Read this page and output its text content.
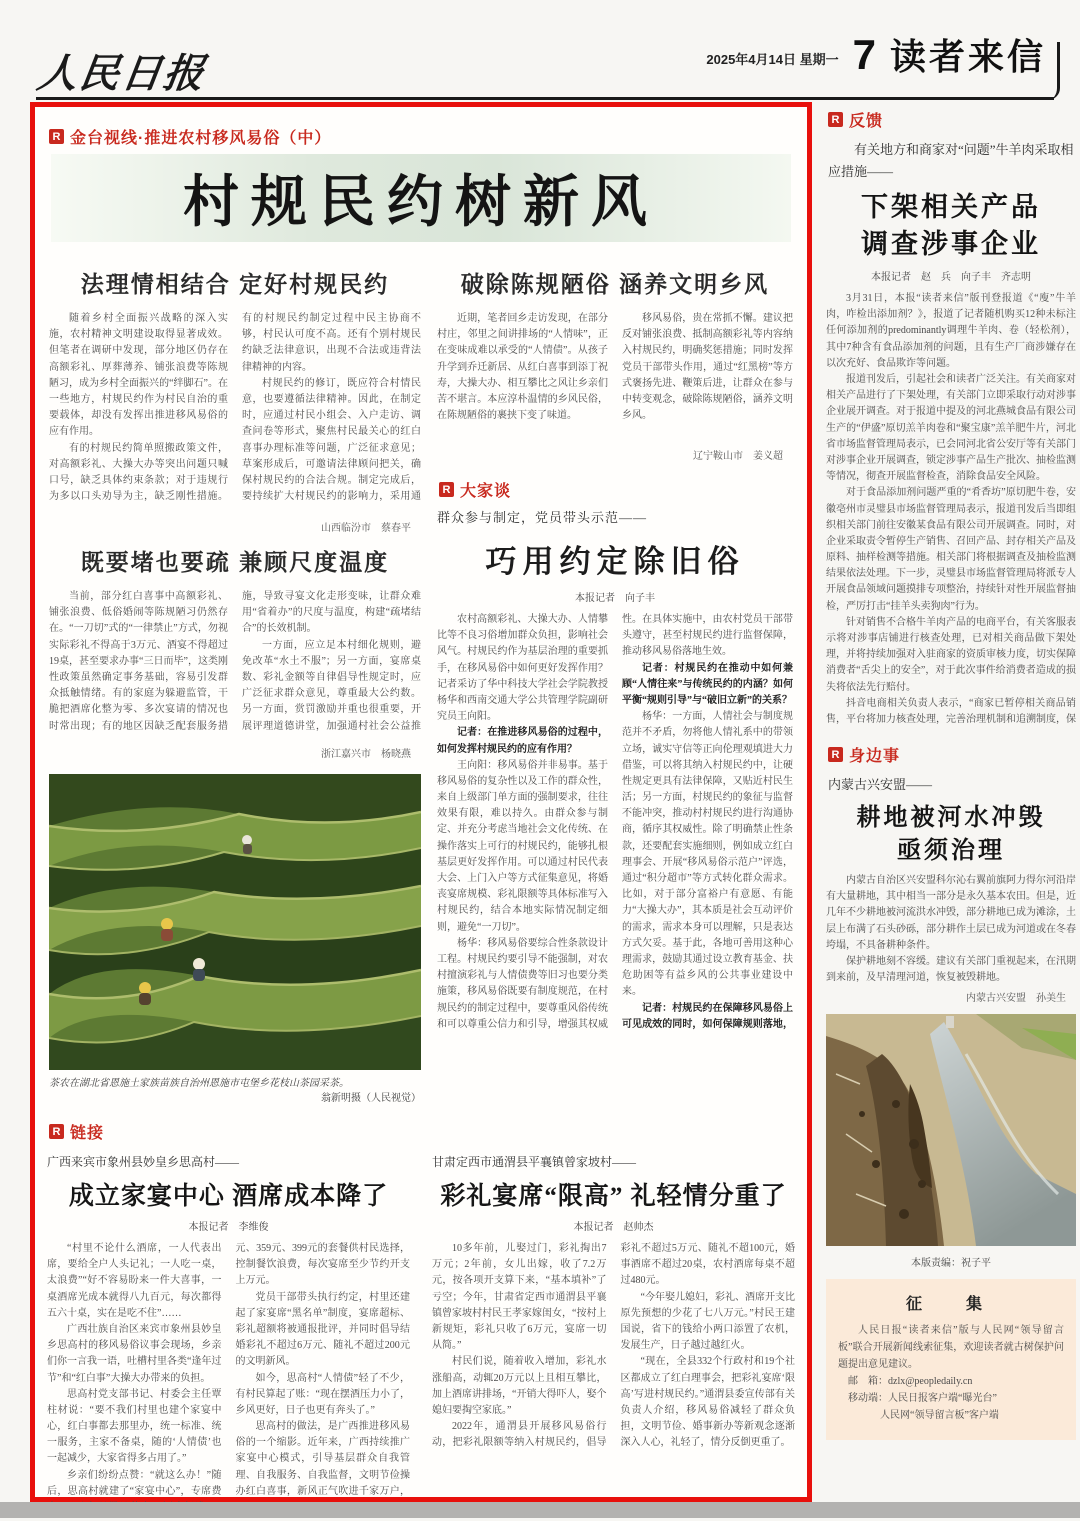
人民日报	2025年4月14日 星期一 7 读者来信
R 金台视线·推进农村移风易俗（中）
村规民约树新风
法理情相结合 定好村规民约

随着乡村全面振兴战略的深入实施，农村精神文明建设取得显著成效。但笔者在调研中发现，部分地区仍存在高额彩礼、厚葬薄养、铺张浪费等陈规陋习，成为乡村全面振兴的“绊脚石”。在一些地方，村规民约作为村民自治的重要载体，却没有发挥出推进移风易俗的应有作用。

有的村规民约简单照搬政策文件，对高额彩礼、大操大办等突出问题只喊口号，缺乏具体约束条款；对于违规行为多以口头劝导为主，缺乏刚性措施。有的村规民约制定过程中民主协商不够，村民认可度不高。还有个别村规民约缺乏法律意识，出现不合法或违背法律精神的内容。

村规民约的修订，既应符合村情民意，也要遵循法律精神。因此，在制定时，应通过村民小组会、入户走访、调查问卷等形式，聚焦村民最关心的红白喜事办理标准等问题，广泛征求意见；草案形成后，可邀请法律顾问把关，确保村规民约的合法合规。制定完成后，要持续扩大村规民约的影响力，采用通

山西临汾市　蔡春平
既要堵也要疏 兼顾尺度温度

当前，部分红白喜事中高额彩礼、铺张浪费、低俗婚闹等陈规陋习仍然存在。“一刀切”式的“一律禁止”方式，勿视实际彩礼不得高于3万元、酒宴不得超过19桌，甚至要求办事“三日而毕”，这类刚性政策虽然确定事务基础，容易引发群众抵触情绪。有的家庭为躲避监管，干脆把酒席化整为零、多次宴请的情况也时常出现；有的地区因缺乏配套服务措施，导致寻宴文化走形变味，让群众难用“省着办”的尺度与温度，构建“疏堵结合”的长效机制。

一方面，应立足本村细化规则，避免改革“水土不服”；另一方面，宴席桌数、彩礼金额等自律倡导性规定时，应广泛征求群众意见，尊重最大公约数。另一方面，赏罚激励并重也很重要，开展评理道德讲堂，加强通村社会公益推

浙江嘉兴市　杨晓燕
茶农在湖北省恩施土家族苗族自治州恩施市屯堡乡花枝山茶园采茶。
翁新明摄（人民视觉）
破除陈规陋俗 涵养文明乡风

近期，笔者回乡走访发现，在部分村庄，邻里之间讲排场的“人情味”，正在变味成难以承受的“人情债”。从孩子升学到乔迁新居、从红白喜事到添丁祝寿，大操大办、相互攀比之风让乡亲们苦不堪言。本应淳朴温情的乡风民俗，在陈规陋俗的裹挟下变了味道。

移风易俗，贵在常抓不懈。建议把反对铺张浪费、抵制高额彩礼等内容纳入村规民约，明确奖惩措施；同时发挥党员干部带头作用，通过“红黑榜”等方式褒扬先进、鞭策后进，让群众在参与中转变观念，破除陈规陋俗，涵养文明乡风。

辽宁鞍山市　姜义超
R 大家谈
群众参与制定，党员带头示范——
巧用约定除旧俗
本报记者　向子丰

农村高额彩礼、大操大办、人情攀比等不良习俗增加群众负担，影响社会风气。村规民约作为基层治理的重要抓手，在移风易俗中如何更好发挥作用？记者采访了华中科技大学社会学院教授杨华和西南交通大学公共管理学院副研究员王向阳。

记者：在推进移风易俗的过程中，如何发挥村规民约的应有作用？

王向阳：移风易俗并非易事。基于移风易俗的复杂性以及工作的群众性，来自上级部门单方面的强制要求，往往效果有限，难以持久。由群众参与制定、并充分考虑当地社会文化传统、在操作落实上可行的村规民约，能够扎根基层更好发挥作用。可以通过村民代表大会、上门入户等方式征集意见，将婚丧宴席规模、彩礼限额等具体标准写入村规民约，结合本地实际情况制定细则，避免“一刀切”。

杨华：移风易俗要综合性条款设计工程。村规民约要引导不能强制，对农村擅演彩礼与人情债费等旧习也要分类施策，移风易俗既要有制度规范，在村规民约的制定过程中，要尊重风俗传统和可以尊重公信力和引导，增强其权威性。在具体实施中，由农村党员干部带头遵守，甚至村规民约进行监督保障，推动移风易俗落地生效。

记者：村规民约在推动中如何兼顾“人情往来”与传统民约的内涵？如何平衡“规则引导”与“破旧立新”的关系？

杨华：一方面，人情社会与制度规范并不矛盾，勿将他人情礼系中的带领立场，诚实守信等正向伦理观填进大力借鉴，可以将其纳入村规民约中，让硬性规定更具有法律保障，又贴近村民生活；另一方面，村规民约的象征与监督不能冲突，推动村村规民约进行沟通协商，循序其权威性。除了明确禁止性条款，还要配套实施细则，例如成立红白理事会、开展“移风易俗示范户”评选，通过“积分超市”等方式转化群众需求。比如，对于部分富裕户有意愿、有能力“大操大办”，其本质是社会互动评价的需求，需求本身可以理解，只是表达方式欠妥。基于此，各地可善用这种心理需求，鼓励其通过设立教育基金、扶危助困等有益乡风的公共事业建设中来。

记者：村规民约在保障移风易俗上可见成效的同时，如何保障规则落地，

R 链接
广西来宾市象州县妙皇乡思高村——
成立家宴中心 酒席成本降了
本报记者　李维俊

“村里不论什么酒席，一人代表出席，要给全户人头记礼；一人吃一桌，太浪费”“好不容易盼来一件大喜事，一桌酒席光成本就得八九百元，每次都得五六十桌，实在是吃不住”……

广西壮族自治区来宾市象州县妙皇乡思高村的移风易俗议事会现场，乡亲们你一言我一语，吐槽村里各类“逢年过节”和“红白事”大操大办带来的负担。

思高村党支部书记、村委会主任覃柱材说：“要不我们村里也建个家宴中心，红白事都去那里办，统一标准、统一服务，主家不备桌，随的‘人情债’也一起减少，大家省得多占用了。”

乡亲们纷纷点赞：“就这么办！”随后，思高村就建了“家宴中心”，专席费 元、359元、399元的套餐供村民选择，控制餐饮浪费，每次宴席至少节约开支上万元。

党员干部带头执行约定，村里还建起了家宴席“黑名单”制度，宴席超标、彩礼超额将被通报批评，并同时倡导结婚彩礼不超过6万元、随礼不超过200元的文明新风。

如今，思高村“人情债”轻了不少，有村民算起了账：“现在摆酒压力小了，乡风更好，日子也更有奔头了。”

思高村的做法，是广西推进移风易俗的一个缩影。近年来，广西持续推广家宴中心模式，引导基层群众自我管理、自我服务、自我监督，文明节俭操办红白喜事，新风正气吹进千家万户，

甘肃定西市通渭县平襄镇曾家坡村——
彩礼宴席“限高” 礼轻情分重了
本报记者　赵帅杰

10多年前，儿娶过门，彩礼掏出7万元；2年前，女儿出嫁，收了7.2万元，按各项开支算下来，“基本填补”了亏空；今年，甘肃省定西市通渭县平襄镇曾家坡村村民王孝家嫁闺女，“按村上新规矩，彩礼只收了6万元，宴席一切从简。”

村民们说，随着收入增加，彩礼水涨船高，动辄20万元以上且相互攀比，加上酒席讲排场，“开销大得吓人，娶个媳妇要掏空家底。”

2022年，通渭县开展移风易俗行动，把彩礼限额等纳入村规民约，倡导彩礼不超过5万元、随礼不超100元，婚事酒席不超过20桌，农村酒席每桌不超过480元。

“今年娶儿媳妇，彩礼、酒席开支比原先预想的少花了七八万元。”村民王建国说，省下的钱给小两口添置了农机，发展生产，日子越过越红火。

“现在，全县332个行政村和19个社区都成立了红白理事会，把彩礼宴席‘限高’写进村规民约。”通渭县委宣传部有关负责人介绍，移风易俗减轻了群众负担，文明节俭、婚事新办等新观念逐渐深入人心，礼轻了，情分反倒更重了。

R 反馈
有关地方和商家对“问题”牛羊肉采取相应措施——
下架相关产品
调查涉事企业
本报记者　赵　兵　向子丰　齐志明

3月31日，本报“读者来信”版刊登报道《“廋”牛羊肉，咋检出添加剂？》，报道了记者随机购买12种未标注任何添加剂的predominantly调理牛羊肉、卷（轻松剂），其中7种含有食品添加剂的问题，且有生产厂商涉嫌存在以次充好、食品欺诈等问题。

报道刊发后，引起社会和读者广泛关注。有关商家对相关产品进行了下架处理，有关部门立即采取行动对涉事企业展开调查。对于报道中提及的河北燕城食品有限公司生产的“伊盛”原切羔羊肉卷和“聚宝康”羔羊肥牛片，河北省市场监督管理局表示，已会同河北省公安厅等有关部门对涉事企业开展调查，锁定涉事产品生产批次、抽检监测等情况，彻查开展监督检查，消除食品安全风险。

对于食品添加剂问题严重的“肴香坊”原切肥牛卷，安徽亳州市灵璧县市场监督管理局表示，报道刊发后当即组织相关部门前往安徽某食品有限公司开展调查。同时，对企业采取责令暂停生产销售、召回产品、封存相关产品及原料、抽样检测等措施。相关部门将根据调查及抽检监测结果依法处理。下一步，灵璧县市场监督管理局将派专人开展食品领域问题摸排专项整治，持续针对性开展监督抽检，严厉打击“挂羊头卖狗肉”行为。

针对销售不合格牛羊肉产品的电商平台，有关客服表示将对涉事店铺进行核查处理，已对相关商品做下架处理，并将持续加强对入驻商家的资质审核力度，切实保障消费者“舌尖上的安全”，对于此次事件给消费者造成的损失将依法先行赔付。

抖音电商相关负责人表示，“商家已暂停相关商品销售，平台将加力核查处理，完善治理机制和追溯制度，保

R 身边事
内蒙古兴安盟——
耕地被河水冲毁
亟须治理

内蒙古自治区兴安盟科尔沁右翼前旗阿力得尔河沿岸有大量耕地，其中相当一部分是永久基本农田。但是，近几年不少耕地被河流洪水冲毁，部分耕地已成为滩涂，土层上布满了石头砂砾，部分耕作土层已成为河道或在冬春垮塌，不具备耕种条件。

保护耕地刻不容缓。建议有关部门重视起来，在汛期到来前，及早清理河道，恢复被毁耕地。

内蒙古兴安盟　孙美生
本版责编：祝子平
征　集

人民日报“读者来信”版与人民网“领导留言板”联合开展新闻线索征集，欢迎读者就古树保护问题提出意见建议。

邮　箱：dzlx@peopledaily.cn

移动端：人民日报客户端“曝光台”

人民网“领导留言板”客户端
